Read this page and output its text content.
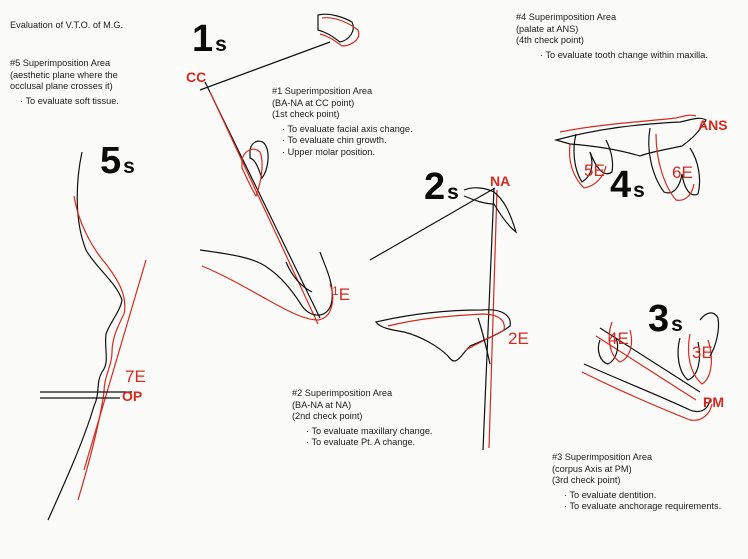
Evaluation of V.T.O. of M.G.
#5 Superimposition Area
(aesthetic plane where the
occlusal plane crosses it)
· To evaluate soft tissue.
#1 Superimposition Area
(BA-NA at CC point)
(1st check point)
· To evaluate facial axis change.
· To evaluate chin growth.
· Upper molar position.
#4 Superimposition Area
(palate at ANS)
(4th check point)
· To evaluate tooth change within maxilla.
#2 Superimposition Area
(BA-NA at NA)
(2nd check point)
· To evaluate maxillary change.
· To evaluate Pt. A change.
#3 Superimposition Area
(corpus Axis at PM)
(3rd check point)
· To evaluate dentition.
· To evaluate anchorage requirements.
1s
5s	2s	4s
3s
CC
NA
ANS
PM
OP
$^1$E
2E
7E
4E
3E
5E	6E
